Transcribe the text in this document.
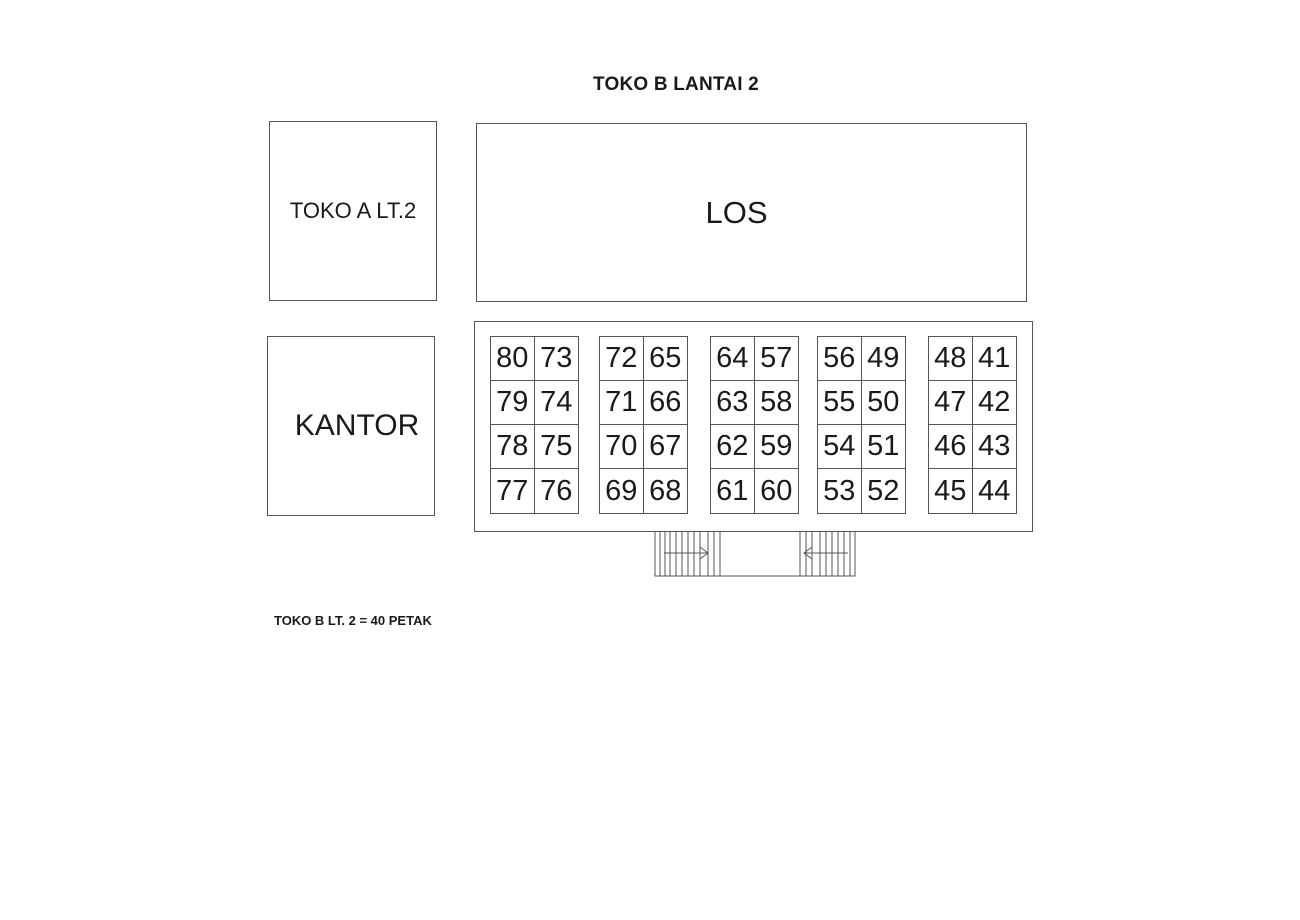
TOKO B LANTAI 2
TOKO A LT.2	LOS
KANTOR
80 73
79 74
78 75
77 76
72 65
71 66
70 67
69 68
64 57
63 58
62 59
61 60
56 49
55 50
54 51
53 52
48 41
47 42
46 43
45 44
TOKO B LT. 2 = 40 PETAK
